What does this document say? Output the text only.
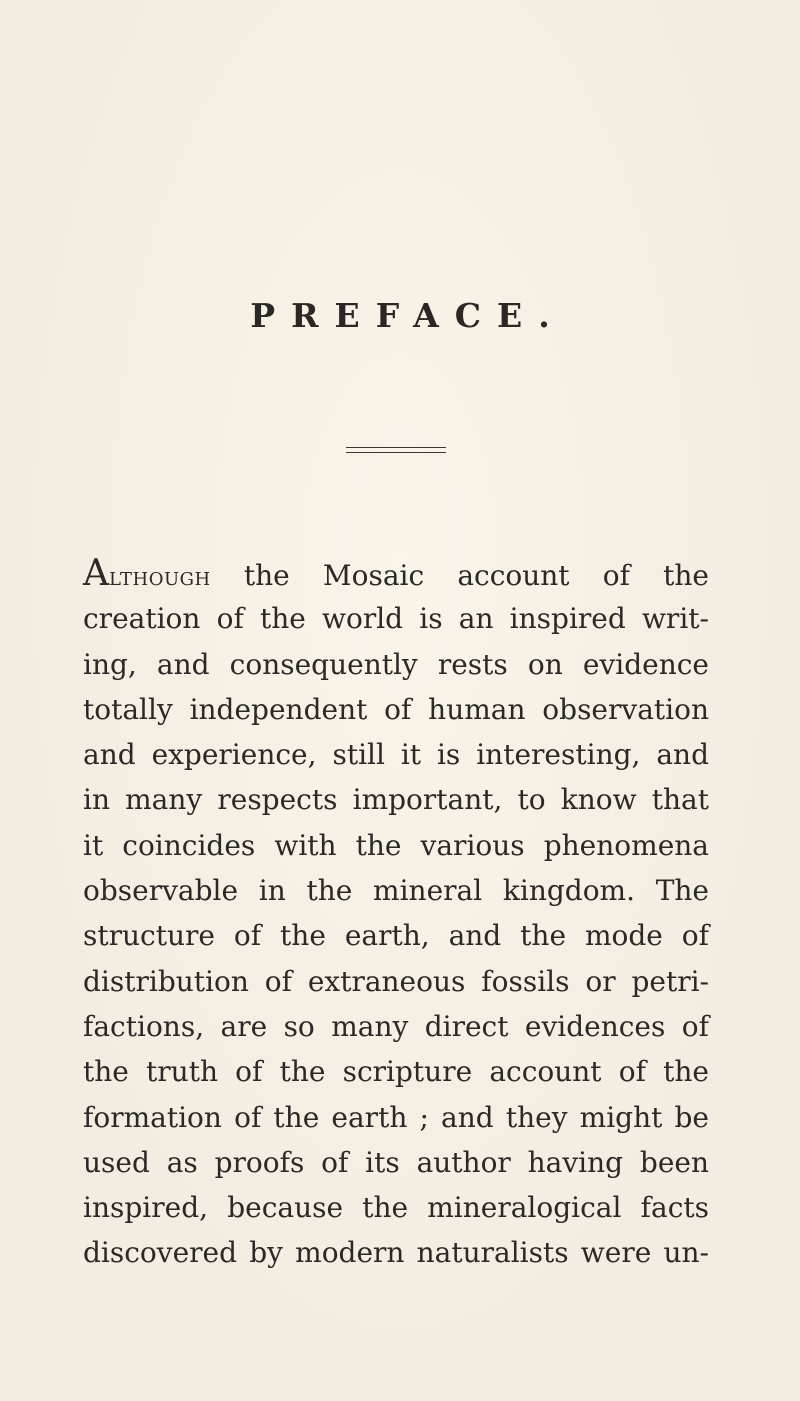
PREFACE.
Although the Mosaic account of the
creation of the world is an inspired writ-
ing, and consequently rests on evidence
totally independent of human observation
and experience, still it is interesting, and
in many respects important, to know that
it coincides with the various phenomena
observable in the mineral kingdom. The
structure of the earth, and the mode of
distribution of extraneous fossils or petri-
factions, are so many direct evidences of
the truth of the scripture account of the
formation of the earth ; and they might be
used as proofs of its author having been
inspired, because the mineralogical facts
discovered by modern naturalists were un-
